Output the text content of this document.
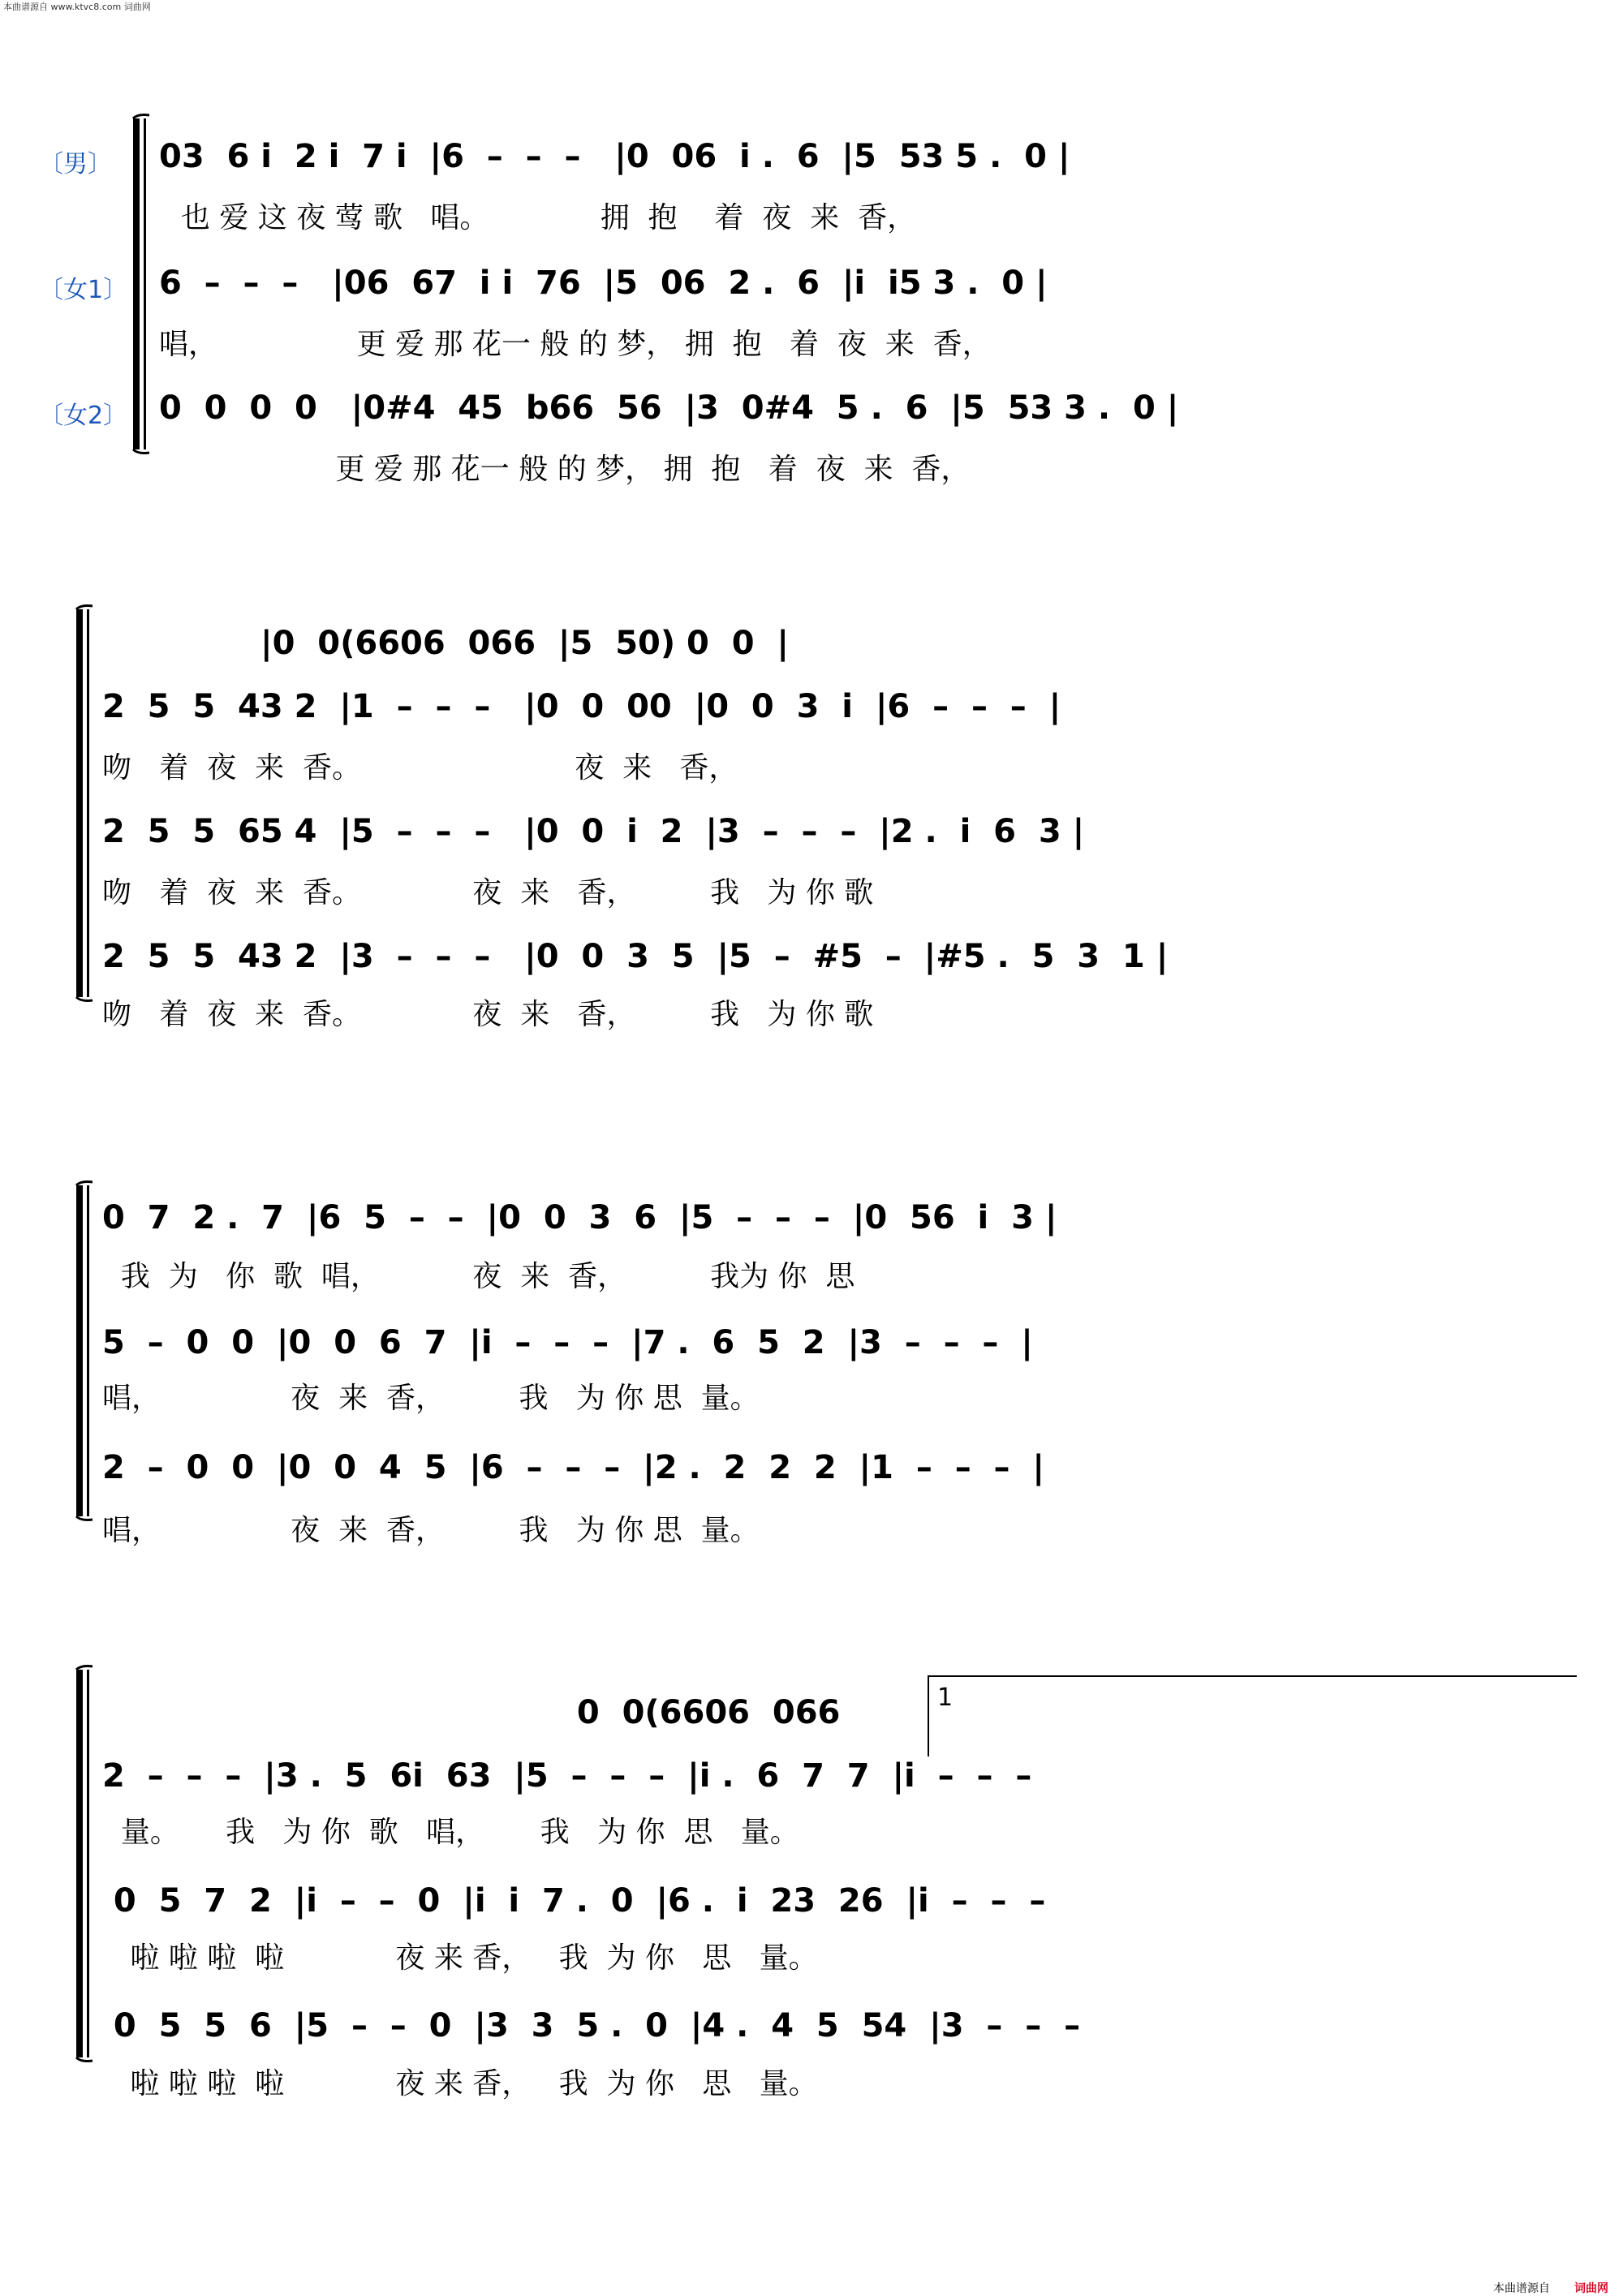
本曲谱源自 www.ktvc8.com 词曲网
〔男〕
〔女1〕
〔女2〕
03  6 i  2 i  7 i  |6  –  –  –   |0  06  i .  6  |5  53 5 .  0 |
也 爱 这 夜 莺 歌   唱。            拥  抱    着  夜  来  香，
6  –  –  –   |06  67  i i  76  |5  06  2 .  6  |i  i5 3 .  0 |
唱，               更 爱 那 花一 般 的 梦， 拥  抱   着  夜  来  香，
0  0  0  0   |0#4  45  b66  56  |3  0#4  5 .  6  |5  53 3 .  0 |
更 爱 那 花一 般 的 梦， 拥  抱   着  夜  来  香，
|0  0(6606  066  |5  50) 0  0  |
2  5  5  43 2  |1  –  –  –   |0  0  00  |0  0  3  i  |6  –  –  –  |
吻   着  夜  来  香。                       夜  来   香，
2  5  5  65 4  |5  –  –  –   |0  0  i  2  |3  –  –  –  |2 .  i  6  3 |
吻   着  夜  来  香。            夜  来   香，        我   为 你 歌
2  5  5  43 2  |3  –  –  –   |0  0  3  5  |5  –  #5  –  |#5 .  5  3  1 |
吻   着  夜  来  香。            夜  来   香，        我   为 你 歌
0  7  2 .  7  |6  5  –  –  |0  0  3  6  |5  –  –  –  |0  56  i  3 |
我  为   你  歌  唱，          夜  来  香，         我为 你  思
5  –  0  0  |0  0  6  7  |i  –  –  –  |7 .  6  5  2  |3  –  –  –  |
唱，              夜  来  香，        我   为 你 思  量。
2  –  0  0  |0  0  4  5  |6  –  –  –  |2 .  2  2  2  |1  –  –  –  |
唱，              夜  来  香，        我   为 你 思  量。
1
0  0(6606  066
2  –  –  –  |3 .  5  6i  63  |5  –  –  –  |i .  6  7  7  |i  –  –  –
量。     我   为 你  歌   唱，      我   为 你  思   量。
0  5  7  2  |i  –  –  0  |i  i  7 .  0  |6 .  i  23  26  |i  –  –  –
啦 啦 啦  啦            夜 来 香，   我  为 你   思   量。
0  5  5  6  |5  –  –  0  |3  3  5 .  0  |4 .  4  5  54  |3  –  –  –
啦 啦 啦  啦            夜 来 香，   我  为 你   思   量。
本曲谱源自 词曲网
